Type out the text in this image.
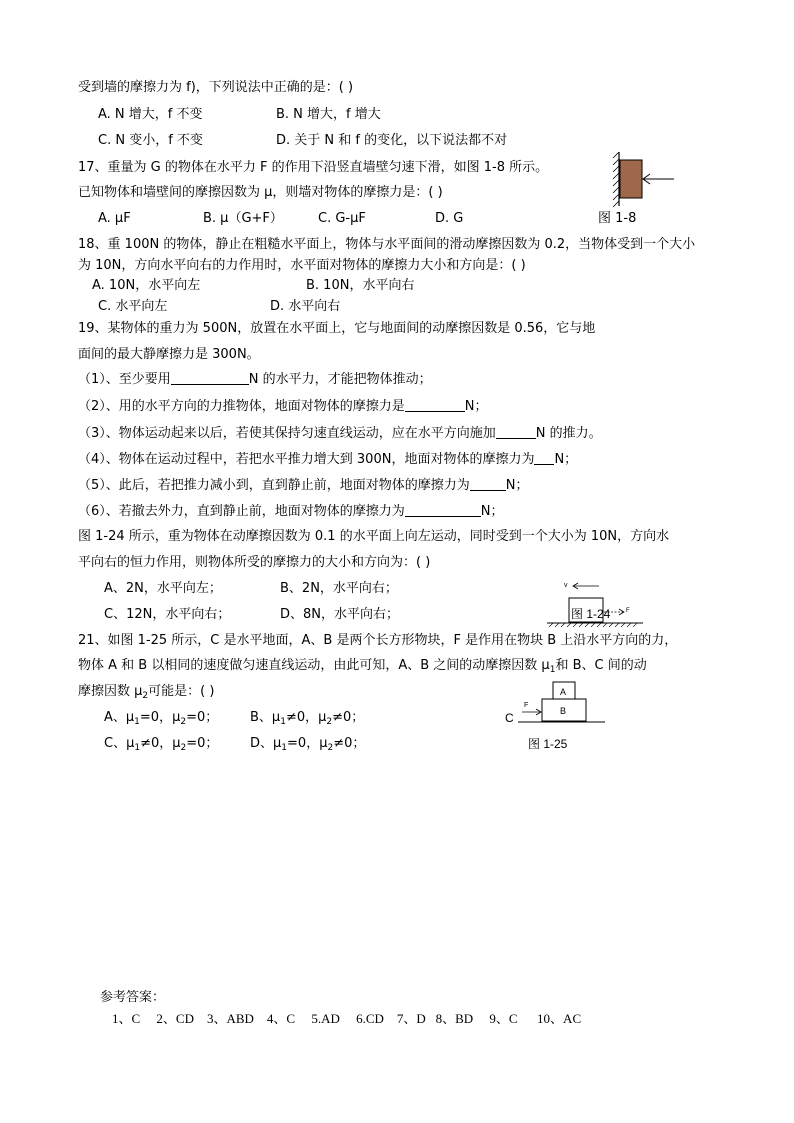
受到墙的摩擦力为 f)，下列说法中正确的是：( )
A. N 增大，f 不变	B. N 增大，f 增大
C. N 变小，f 不变	D. 关于 N 和 f 的变化，以下说法都不对
17、重量为 G 的物体在水平力 F 的作用下沿竖直墙壁匀速下滑，如图 1-8 所示。
已知物体和墙壁间的摩擦因数为 μ，则墙对物体的摩擦力是：( )
A. μF	B. μ（G+F）	C. G-μF	D. G	图 1-8
18、重 100N 的物体，静止在粗糙水平面上，物体与水平面间的滑动摩擦因数为 0.2，当物体受到一个大小
为 10N，方向水平向右的力作用时，水平面对物体的摩擦力大小和方向是：( )
A. 10N，水平向左	B. 10N，水平向右
C. 水平向左	D. 水平向右
19、某物体的重力为 500N，放置在水平面上，它与地面间的动摩擦因数是 0.56，它与地
面间的最大静摩擦力是 300N。
（1）、至少要用	N 的水平力，才能把物体推动；
（2）、用的水平方向的力推物体，地面对物体的摩擦力是	N；
（3）、物体运动起来以后，若使其保持匀速直线运动，应在水平方向施加	N 的推力。
（4）、物体在运动过程中，若把水平推力增大到 300N，地面对物体的摩擦力为 N；
（5）、此后，若把推力减小到，直到静止前，地面对物体的摩擦力为	N；
（6）、若撤去外力，直到静止前，地面对物体的摩擦力为	N；
图 1-24 所示，重为物体在动摩擦因数为 0.1 的水平面上向左运动，同时受到一个大小为 10N，方向水
平向右的恒力作用，则物体所受的摩擦力的大小和方向为：( )
A、2N，水平向左；	B、2N，水平向右；
C、12N，水平向右；	D、8N，水平向右；
v
图 1-24	F
21、如图 1-25 所示，C 是水平地面，A、B 是两个长方形物块，F 是作用在物块 B 上沿水平方向的力，
物体 A 和 B 以相同的速度做匀速直线运动，由此可知，A、B 之间的动摩擦因数 $\mu_1$和 B、C 间的动
摩擦因数 $\mu_2$可能是：( )
A、$\mu_1=0$，$\mu_2=0$； B、$\mu_1\ne 0$，$\mu_2\ne 0$；
C、$\mu_1\ne 0$，$\mu_2=0$； D、$\mu_1=0$，$\mu_2\ne 0$；
C
A
B
F
图 1-25
参考答案：
1、C     2、CD    3、ABD    4、C     5.AD     6.CD    7、D   8、BD     9、C      10、AC
